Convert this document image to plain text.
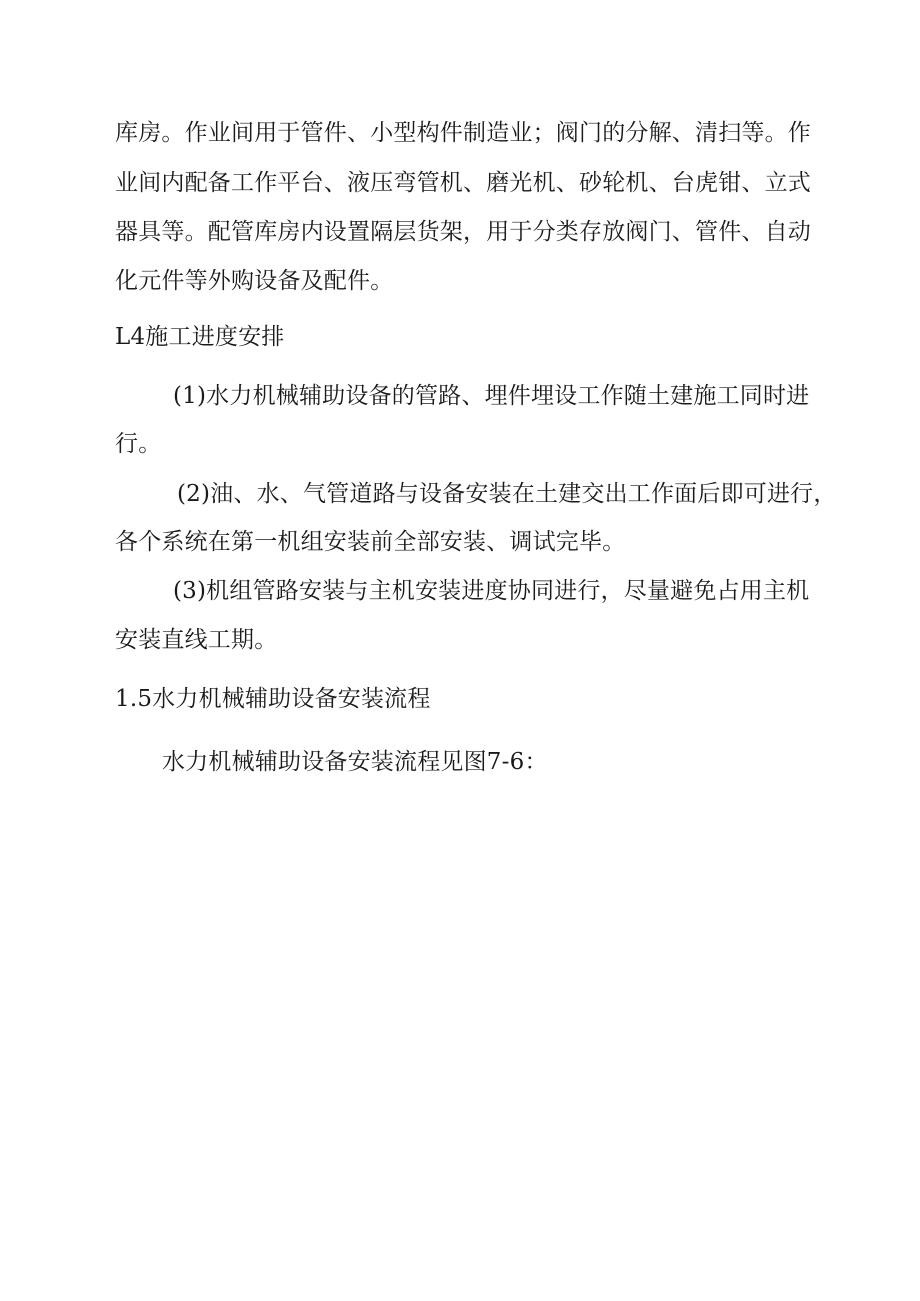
库房。作业间用于管件、小型构件制造业；阀门的分解、清扫等。作

业间内配备工作平台、液压弯管机、磨光机、砂轮机、台虎钳、立式

器具等。配管库房内设置隔层货架，用于分类存放阀门、管件、自动

化元件等外购设备及配件。

L4施工进度安排

(1)水力机械辅助设备的管路、埋件埋设工作随土建施工同时进

行。

(2)油、水、气管道路与设备安装在土建交出工作面后即可进行，

各个系统在第一机组安装前全部安装、调试完毕。

(3)机组管路安装与主机安装进度协同进行，尽量避免占用主机

安装直线工期。

1.5水力机械辅助设备安装流程

水力机械辅助设备安装流程见图7-6：
